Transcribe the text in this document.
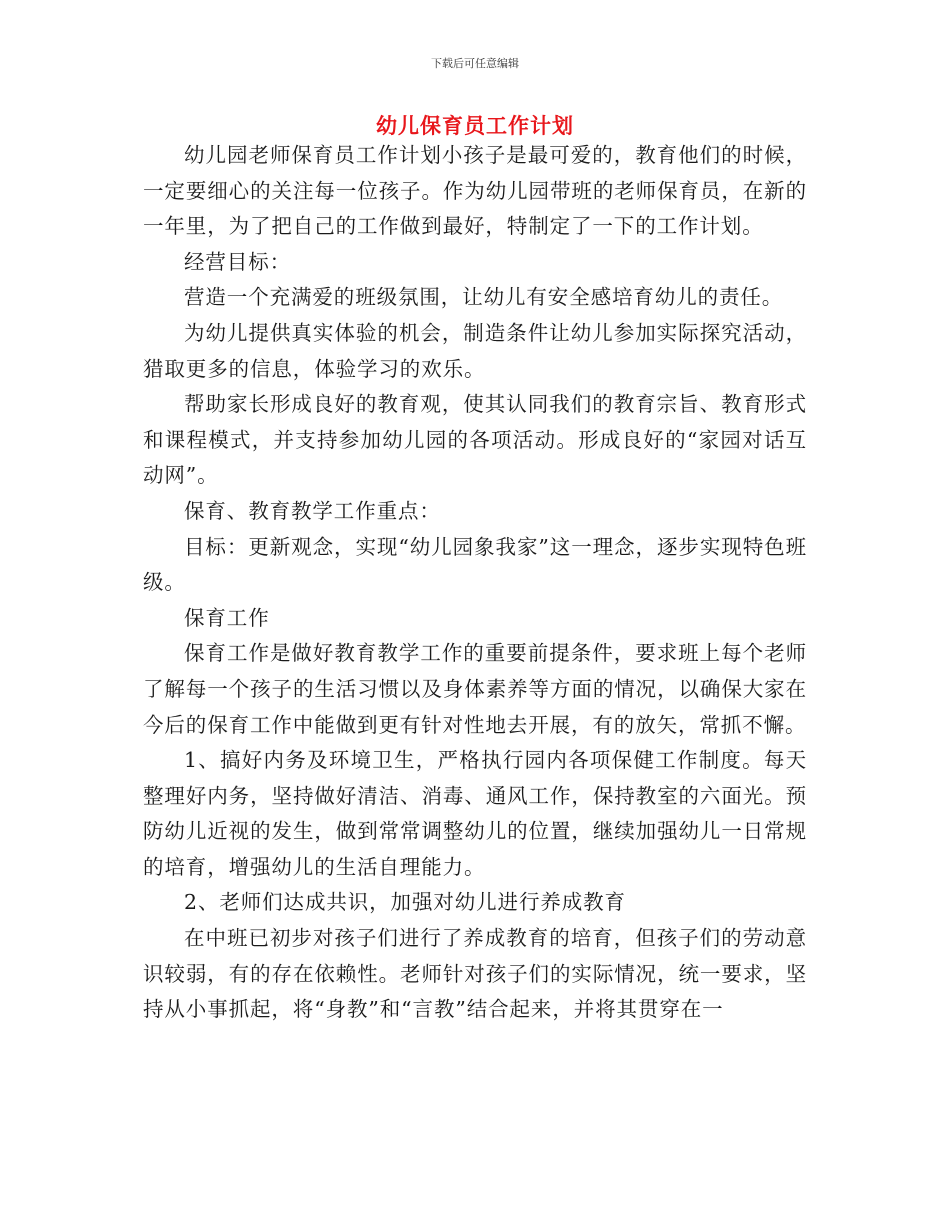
下载后可任意编辑
幼儿保育员工作计划

幼儿园老师保育员工作计划小孩子是最可爱的，教育他们的时候，一定要细心的关注每一位孩子。作为幼儿园带班的老师保育员，在新的一年里，为了把自己的工作做到最好，特制定了一下的工作计划。

经营目标：

营造一个充满爱的班级氛围，让幼儿有安全感培育幼儿的责任。

为幼儿提供真实体验的机会，制造条件让幼儿参加实际探究活动，猎取更多的信息，体验学习的欢乐。

帮助家长形成良好的教育观，使其认同我们的教育宗旨、教育形式和课程模式，并支持参加幼儿园的各项活动。形成良好的“家园对话互动网”。

保育、教育教学工作重点：

目标：更新观念，实现“幼儿园象我家”这一理念，逐步实现特色班级。

保育工作

保育工作是做好教育教学工作的重要前提条件，要求班上每个老师了解每一个孩子的生活习惯以及身体素养等方面的情况，以确保大家在今后的保育工作中能做到更有针对性地去开展，有的放矢，常抓不懈。

1、搞好内务及环境卫生，严格执行园内各项保健工作制度。每天整理好内务，坚持做好清洁、消毒、通风工作，保持教室的六面光。预防幼儿近视的发生，做到常常调整幼儿的位置，继续加强幼儿一日常规的培育，增强幼儿的生活自理能力。

2、老师们达成共识，加强对幼儿进行养成教育

在中班已初步对孩子们进行了养成教育的培育，但孩子们的劳动意识较弱，有的存在依赖性。老师针对孩子们的实际情况，统一要求，坚持从小事抓起，将“身教”和“言教”结合起来，并将其贯穿在一
